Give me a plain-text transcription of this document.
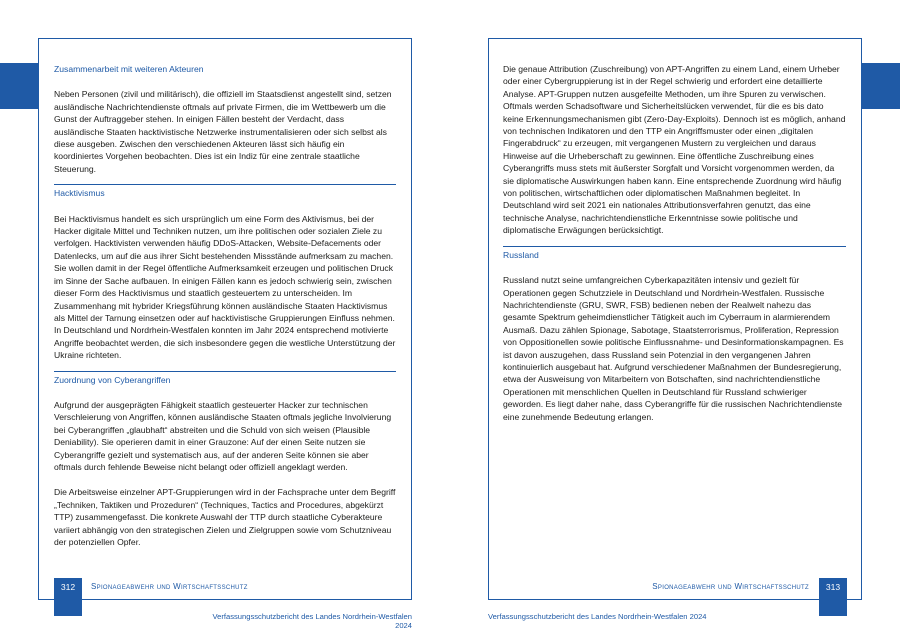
Zusammenarbeit mit weiteren Akteuren
Neben Personen (zivil und militärisch), die offiziell im Staatsdienst angestellt sind, setzen ausländische Nachrichtendienste oftmals auf private Firmen, die im Wettbewerb um die Gunst der Auftraggeber stehen. In einigen Fällen besteht der Verdacht, dass ausländische Staaten hacktivistische Netzwerke instrumentalisieren oder sich selbst als diese ausgeben. Zwischen den verschiedenen Akteuren lässt sich häufig ein koordiniertes Vorgehen beobachten. Dies ist ein Indiz für eine zentrale staatliche Steuerung.
Hacktivismus
Bei Hacktivismus handelt es sich ursprünglich um eine Form des Aktivismus, bei der Hacker digitale Mittel und Techniken nutzen, um ihre politischen oder sozialen Ziele zu verfolgen. Hacktivisten verwenden häufig DDoS-Attacken, Website-Defacements oder Datenlecks, um auf die aus ihrer Sicht bestehenden Missstände aufmerksam zu machen. Sie wollen damit in der Regel öffentliche Aufmerksamkeit erzeugen und politischen Druck im Sinne der Sache aufbauen. In einigen Fällen kann es jedoch schwierig sein, zwischen dieser Form des Hacktivismus und staatlich gesteuertem zu unterscheiden. Im Zusammenhang mit hybrider Kriegsführung können ausländische Staaten Hacktivismus als Mittel der Tarnung einsetzen oder auf hacktivistische Gruppierungen Einfluss nehmen. In Deutschland und Nordrhein-Westfalen konnten im Jahr 2024 entsprechend motivierte Angriffe beobachtet werden, die sich insbesondere gegen die westliche Unterstützung der Ukraine richteten.
Zuordnung von Cyberangriffen
Aufgrund der ausgeprägten Fähigkeit staatlich gesteuerter Hacker zur technischen Verschleierung von Angriffen, können ausländische Staaten oftmals jegliche Involvierung bei Cyberangriffen „glaubhaft“ abstreiten und die Schuld von sich weisen (Plausible Deniability). Sie operieren damit in einer Grauzone: Auf der einen Seite nutzen sie Cyberangriffe gezielt und systematisch aus, auf der anderen Seite können sie aber oftmals durch fehlende Beweise nicht belangt oder offiziell angeklagt werden.
Die Arbeitsweise einzelner APT-Gruppierungen wird in der Fachsprache unter dem Begriff „Techniken, Taktiken und Prozeduren“ (Techniques, Tactics and Procedures, abgekürzt TTP) zusammengefasst. Die konkrete Auswahl der TTP durch staatliche Cyberakteure variiert abhängig von den strategischen Zielen und Zielgruppen sowie vom Schutzniveau der potenziellen Opfer.
Die genaue Attribution (Zuschreibung) von APT-Angriffen zu einem Land, einem Urheber oder einer Cybergruppierung ist in der Regel schwierig und erfordert eine detaillierte Analyse. APT-Gruppen nutzen ausgefeilte Methoden, um ihre Spuren zu verwischen. Oftmals werden Schadsoftware und Sicherheitslücken verwendet, für die es bis dato keine Erkennungsmechanismen gibt (Zero-Day-Exploits). Dennoch ist es möglich, anhand von technischen Indikatoren und den TTP ein Angriffsmuster oder einen „digitalen Fingerabdruck“ zu erzeugen, mit vergangenen Mustern zu vergleichen und daraus Hinweise auf die Urheberschaft zu gewinnen. Eine öffentliche Zuschreibung eines Cyberangriffs muss stets mit äußerster Sorgfalt und Vorsicht vorgenommen werden, da sie diplomatische Auswirkungen haben kann. Eine entsprechende Zuordnung wird häufig von politischen, wirtschaftlichen oder diplomatischen Maßnahmen begleitet. In Deutschland wird seit 2021 ein nationales Attributionsverfahren genutzt, das eine technische Analyse, nachrichtendienstliche Erkenntnisse sowie politische und diplomatische Erwägungen berücksichtigt.
Russland
Russland nutzt seine umfangreichen Cyberkapazitäten intensiv und gezielt für Operationen gegen Schutzziele in Deutschland und Nordrhein-Westfalen. Russische Nachrichtendienste (GRU, SWR, FSB) bedienen neben der Realwelt nahezu das gesamte Spektrum geheimdienstlicher Tätigkeit auch im Cyberraum in alarmierendem Ausmaß. Dazu zählen Spionage, Sabotage, Staatsterrorismus, Proliferation, Repression von Oppositionellen sowie politische Einflussnahme- und Desinformationskampagnen. Es ist davon auszugehen, dass Russland sein Potenzial in den vergangenen Jahren kontinuierlich ausgebaut hat. Aufgrund verschiedener Maßnahmen der Bundesregierung, etwa der Ausweisung von Mitarbeitern von Botschaften, sind nachrichtendienstliche Operationen mit menschlichen Quellen in Deutschland für Russland schwieriger geworden. Es liegt daher nahe, dass Cyberangriffe für die russischen Nachrichtendienste eine zunehmende Bedeutung erlangen.
312	Spionageabwehr und Wirtschaftsschutz	313
Spionageabwehr und Wirtschaftsschutz
Verfassungsschutzbericht des Landes Nordrhein-Westfalen 2024
Verfassungsschutzbericht des Landes Nordrhein-Westfalen 2024
